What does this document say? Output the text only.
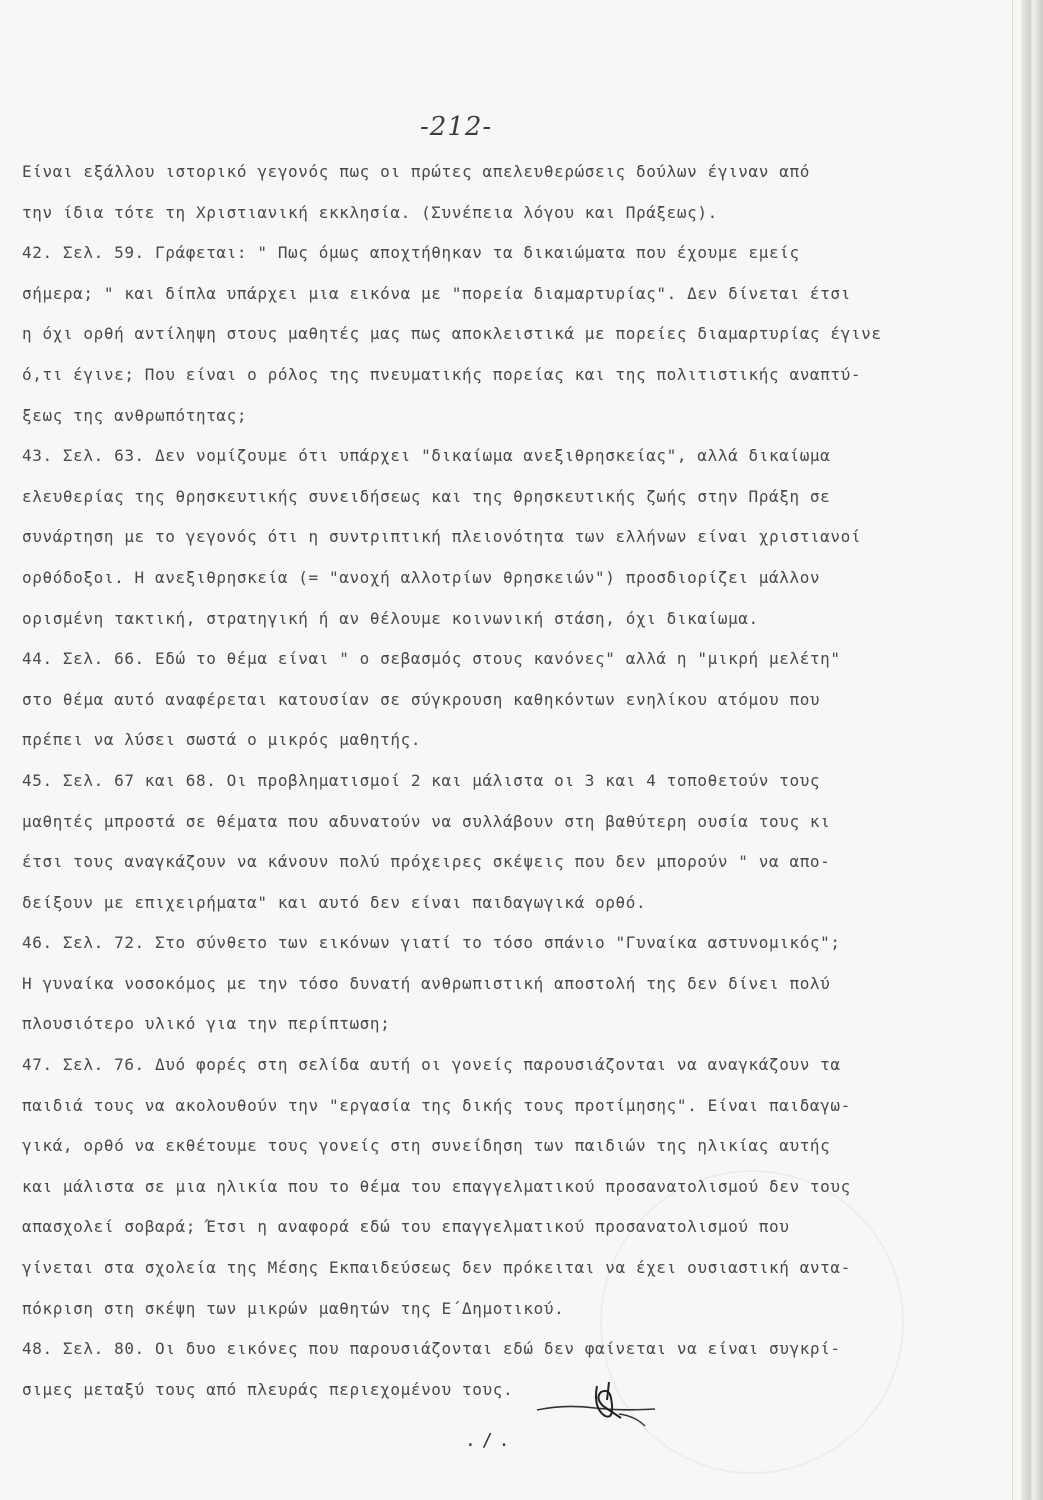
-212-
Είναι εξάλλου ιστορικό γεγονός πως οι πρώτες απελευθερώσεις δούλων έγιναν από
την ίδια τότε τη Χριστιανική εκκλησία. (Συνέπεια λόγου και Πράξεως).
42. Σελ. 59. Γράφεται: " Πως όμως αποχτήθηκαν τα δικαιώματα που έχουμε εμείς
σήμερα; " και δίπλα υπάρχει μια εικόνα με "πορεία διαμαρτυρίας". Δεν δίνεται έτσι
η όχι ορθή αντίληψη στους μαθητές μας πως αποκλειστικά με πορείες διαμαρτυρίας έγινε
ό,τι έγινε; Που είναι ο ρόλος της πνευματικής πορείας και της πολιτιστικής αναπτύ-
ξεως της ανθρωπότητας;
43. Σελ. 63. Δεν νομίζουμε ότι υπάρχει "δικαίωμα ανεξιθρησκείας", αλλά δικαίωμα
ελευθερίας της θρησκευτικής συνειδήσεως και της θρησκευτικής ζωής στην Πράξη σε
συνάρτηση με το γεγονός ότι η συντριπτική πλειονότητα των ελλήνων είναι χριστιανοί
ορθόδοξοι. Η ανεξιθρησκεία (= "ανοχή αλλοτρίων θρησκειών") προσδιορίζει μάλλον
ορισμένη τακτική, στρατηγική ή αν θέλουμε κοινωνική στάση, όχι δικαίωμα.
44. Σελ. 66. Εδώ το θέμα είναι " ο σεβασμός στους κανόνες" αλλά η "μικρή μελέτη"
στο θέμα αυτό αναφέρεται κατουσίαν σε σύγκρουση καθηκόντων ενηλίκου ατόμου που
πρέπει να λύσει σωστά ο μικρός μαθητής.
45. Σελ. 67 και 68. Οι προβληματισμοί 2 και μάλιστα οι 3 και 4 τοποθετούν τους
μαθητές μπροστά σε θέματα που αδυνατούν να συλλάβουν στη βαθύτερη ουσία τους κι
έτσι τους αναγκάζουν να κάνουν πολύ πρόχειρες σκέψεις που δεν μπορούν " να απο-
δείξουν με επιχειρήματα" και αυτό δεν είναι παιδαγωγικά ορθό.
46. Σελ. 72. Στο σύνθετο των εικόνων γιατί το τόσο σπάνιο "Γυναίκα αστυνομικός";
Η γυναίκα νοσοκόμος με την τόσο δυνατή ανθρωπιστική αποστολή της δεν δίνει πολύ
πλουσιότερο υλικό για την περίπτωση;
47. Σελ. 76. Δυό φορές στη σελίδα αυτή οι γονείς παρουσιάζονται να αναγκάζουν τα
παιδιά τους να ακολουθούν την "εργασία της δικής τους προτίμησης". Είναι παιδαγω-
γικά, ορθό να εκθέτουμε τους γονείς στη συνείδηση των παιδιών της ηλικίας αυτής
και μάλιστα σε μια ηλικία που το θέμα του επαγγελματικού προσανατολισμού δεν τους
απασχολεί σοβαρά; Έτσι η αναφορά εδώ του επαγγελματικού προσανατολισμού που
γίνεται στα σχολεία της Μέσης Εκπαιδεύσεως δεν πρόκειται να έχει ουσιαστική αντα-
πόκριση στη σκέψη των μικρών μαθητών της Ε΄Δημοτικού.
48. Σελ. 80. Οι δυο εικόνες που παρουσιάζονται εδώ δεν φαίνεται να είναι συγκρί-
σιμες μεταξύ τους από πλευράς περιεχομένου τους.
./.
